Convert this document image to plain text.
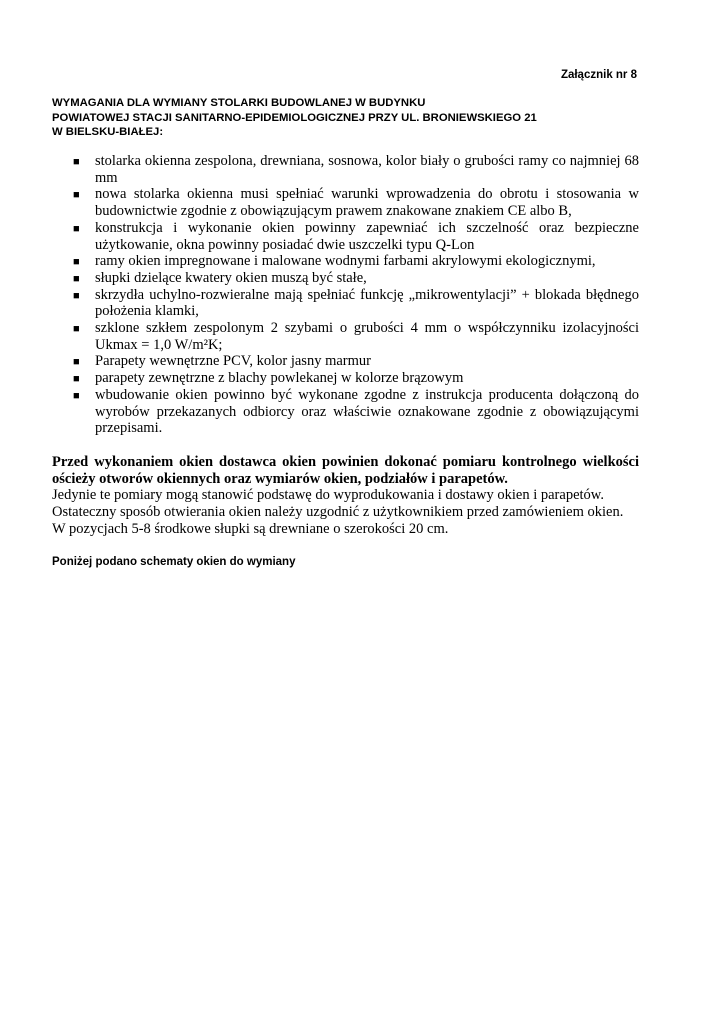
Załącznik nr 8
WYMAGANIA DLA WYMIANY STOLARKI BUDOWLANEJ W BUDYNKU
POWIATOWEJ STACJI SANITARNO-EPIDEMIOLOGICZNEJ PRZY UL. BRONIEWSKIEGO 21
W BIELSKU-BIAŁEJ:
■ stolarka okienna zespolona, drewniana, sosnowa, kolor biały o grubości ramy co najmniej 68 mm
■ nowa stolarka okienna musi spełniać warunki wprowadzenia do obrotu i stosowania w budownictwie zgodnie z obowiązującym prawem znakowane znakiem CE albo B,
■ konstrukcja i wykonanie okien powinny zapewniać ich szczelność oraz bezpieczne użytkowanie, okna powinny posiadać dwie uszczelki typu Q-Lon
■ ramy okien impregnowane i malowane wodnymi farbami akrylowymi ekologicznymi,
■ słupki dzielące kwatery okien muszą być stałe,
■ skrzydła uchylno-rozwieralne mają spełniać funkcję „mikrowentylacji” + blokada błędnego położenia klamki,
■ szklone szkłem zespolonym 2 szybami o grubości 4 mm o współczynniku izolacyjności Ukmax = 1,0 W/m²K;
■ Parapety wewnętrzne PCV, kolor jasny marmur
■ parapety zewnętrzne z blachy powlekanej w kolorze brązowym
■ wbudowanie okien powinno być wykonane zgodne z instrukcja producenta dołączoną do wyrobów przekazanych odbiorcy oraz właściwie oznakowane zgodnie z obowiązującymi przepisami.
Przed wykonaniem okien dostawca okien powinien dokonać pomiaru kontrolnego wielkości ościeży otworów okiennych oraz wymiarów okien, podziałów i parapetów.
Jedynie te pomiary mogą stanowić podstawę do wyprodukowania i dostawy okien i parapetów.
Ostateczny sposób otwierania okien należy uzgodnić z użytkownikiem przed zamówieniem okien.
W pozycjach 5-8 środkowe słupki są drewniane o szerokości 20 cm.
Poniżej podano schematy okien do wymiany
